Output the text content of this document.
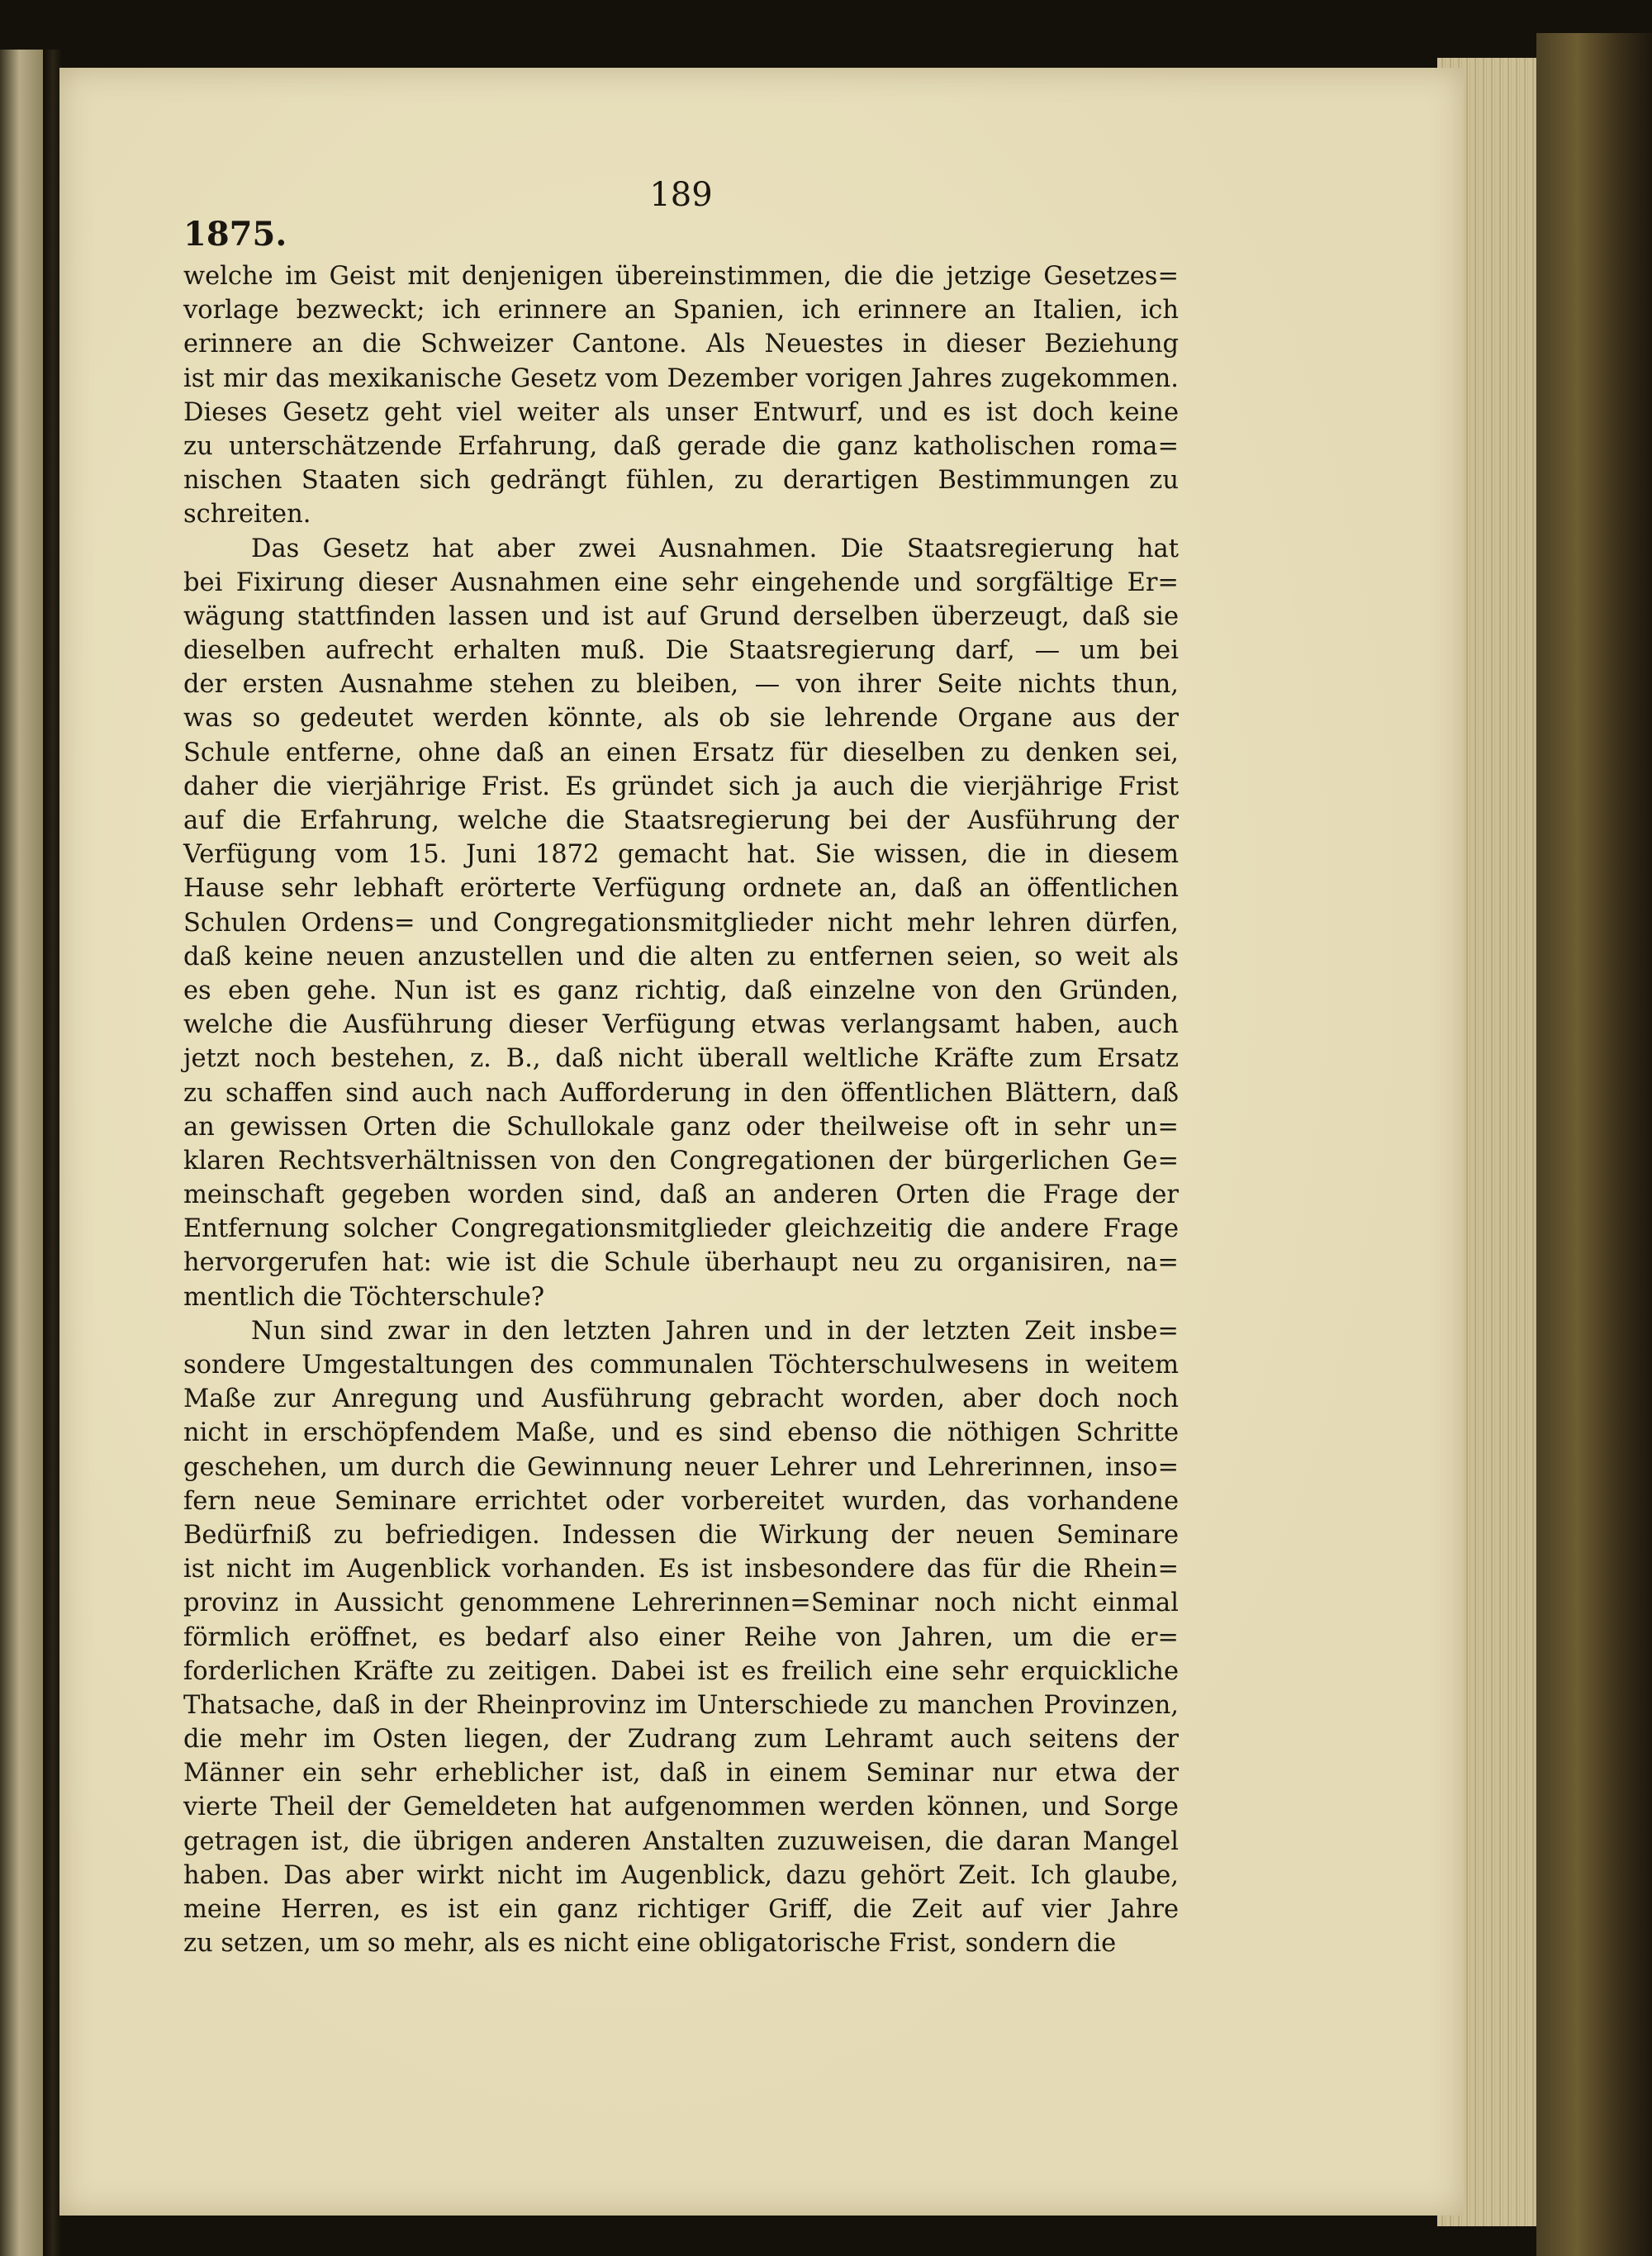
189
1875.
welche im Geist mit denjenigen übereinstimmen, die die jetzige Gesetzes=
vorlage bezweckt; ich erinnere an Spanien, ich erinnere an Italien, ich
erinnere an die Schweizer Cantone. Als Neuestes in dieser Beziehung
ist mir das mexikanische Gesetz vom Dezember vorigen Jahres zugekommen.
Dieses Gesetz geht viel weiter als unser Entwurf, und es ist doch keine
zu unterschätzende Erfahrung, daß gerade die ganz katholischen roma=
nischen Staaten sich gedrängt fühlen, zu derartigen Bestimmungen zu
schreiten.
Das Gesetz hat aber zwei Ausnahmen. Die Staatsregierung hat
bei Fixirung dieser Ausnahmen eine sehr eingehende und sorgfältige Er=
wägung stattfinden lassen und ist auf Grund derselben überzeugt, daß sie
dieselben aufrecht erhalten muß. Die Staatsregierung darf, — um bei
der ersten Ausnahme stehen zu bleiben, — von ihrer Seite nichts thun,
was so gedeutet werden könnte, als ob sie lehrende Organe aus der
Schule entferne, ohne daß an einen Ersatz für dieselben zu denken sei,
daher die vierjährige Frist. Es gründet sich ja auch die vierjährige Frist
auf die Erfahrung, welche die Staatsregierung bei der Ausführung der
Verfügung vom 15. Juni 1872 gemacht hat. Sie wissen, die in diesem
Hause sehr lebhaft erörterte Verfügung ordnete an, daß an öffentlichen
Schulen Ordens= und Congregationsmitglieder nicht mehr lehren dürfen,
daß keine neuen anzustellen und die alten zu entfernen seien, so weit als
es eben gehe. Nun ist es ganz richtig, daß einzelne von den Gründen,
welche die Ausführung dieser Verfügung etwas verlangsamt haben, auch
jetzt noch bestehen, z. B., daß nicht überall weltliche Kräfte zum Ersatz
zu schaffen sind auch nach Aufforderung in den öffentlichen Blättern, daß
an gewissen Orten die Schullokale ganz oder theilweise oft in sehr un=
klaren Rechtsverhältnissen von den Congregationen der bürgerlichen Ge=
meinschaft gegeben worden sind, daß an anderen Orten die Frage der
Entfernung solcher Congregationsmitglieder gleichzeitig die andere Frage
hervorgerufen hat: wie ist die Schule überhaupt neu zu organisiren, na=
mentlich die Töchterschule?
Nun sind zwar in den letzten Jahren und in der letzten Zeit insbe=
sondere Umgestaltungen des communalen Töchterschulwesens in weitem
Maße zur Anregung und Ausführung gebracht worden, aber doch noch
nicht in erschöpfendem Maße, und es sind ebenso die nöthigen Schritte
geschehen, um durch die Gewinnung neuer Lehrer und Lehrerinnen, inso=
fern neue Seminare errichtet oder vorbereitet wurden, das vorhandene
Bedürfniß zu befriedigen. Indessen die Wirkung der neuen Seminare
ist nicht im Augenblick vorhanden. Es ist insbesondere das für die Rhein=
provinz in Aussicht genommene Lehrerinnen=Seminar noch nicht einmal
förmlich eröffnet, es bedarf also einer Reihe von Jahren, um die er=
forderlichen Kräfte zu zeitigen. Dabei ist es freilich eine sehr erquickliche
Thatsache, daß in der Rheinprovinz im Unterschiede zu manchen Provinzen,
die mehr im Osten liegen, der Zudrang zum Lehramt auch seitens der
Männer ein sehr erheblicher ist, daß in einem Seminar nur etwa der
vierte Theil der Gemeldeten hat aufgenommen werden können, und Sorge
getragen ist, die übrigen anderen Anstalten zuzuweisen, die daran Mangel
haben. Das aber wirkt nicht im Augenblick, dazu gehört Zeit. Ich glaube,
meine Herren, es ist ein ganz richtiger Griff, die Zeit auf vier Jahre
zu setzen, um so mehr, als es nicht eine obligatorische Frist, sondern die
